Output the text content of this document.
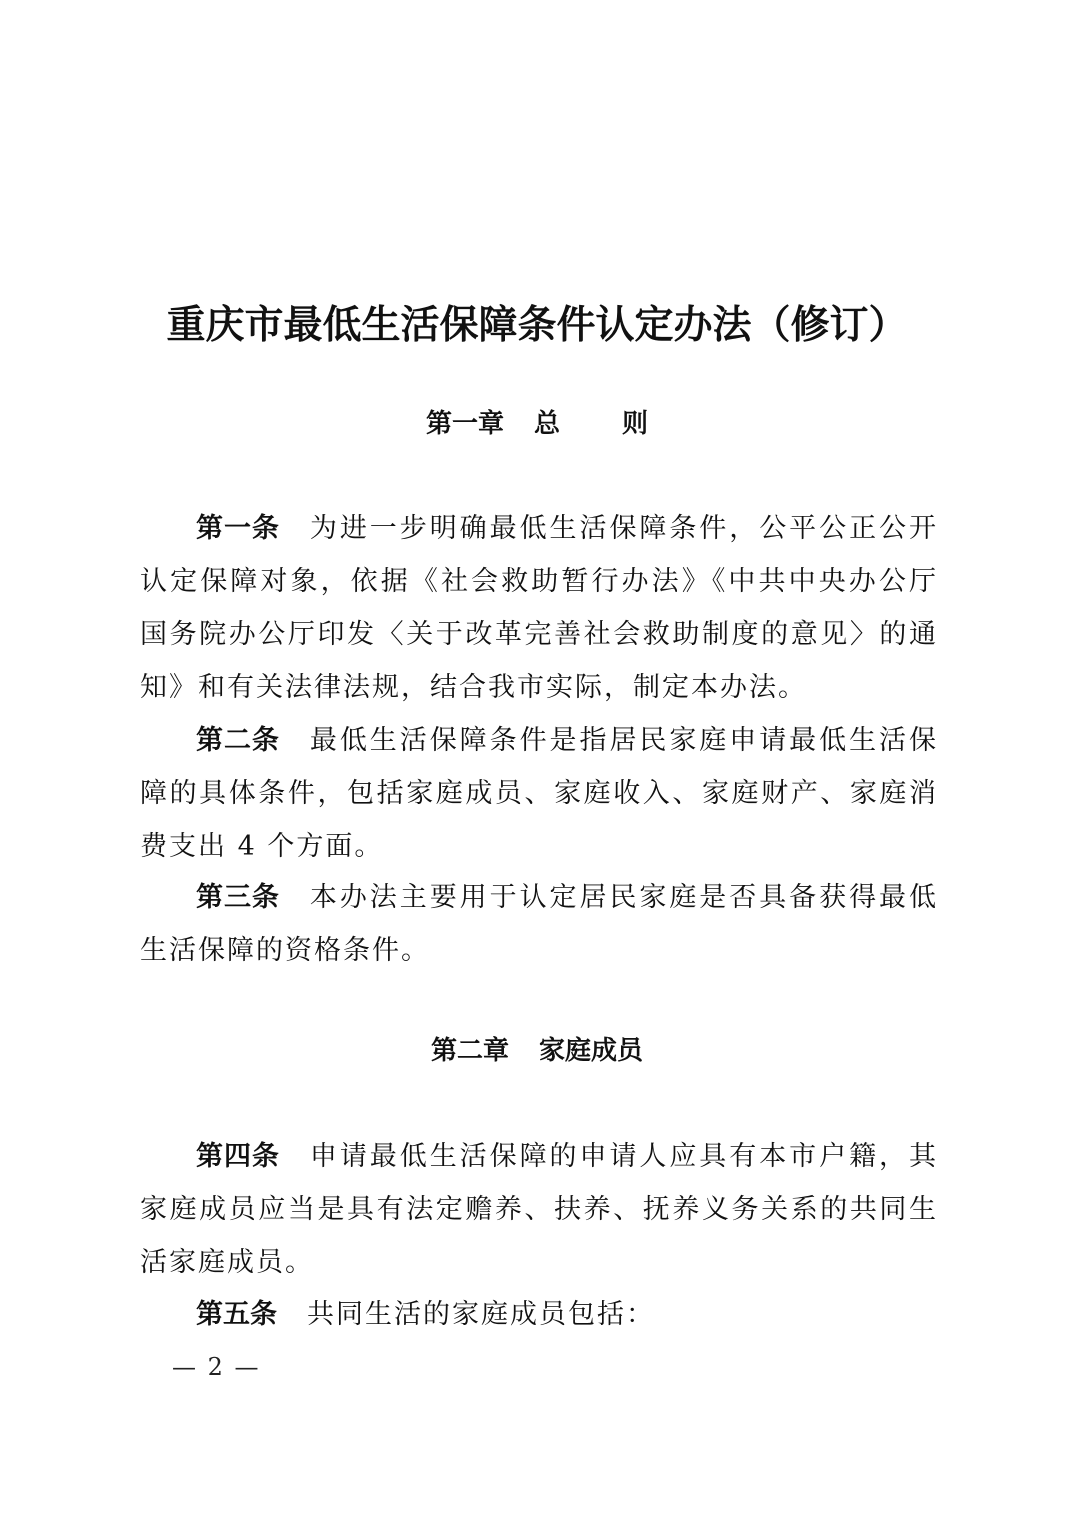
重庆市最低生活保障条件认定办法（修订）
第一章 总 则
第一条 为进一步明确最低生活保障条件，公平公正公开认定保障对象，依据《社会救助暂行办法》《中共中央办公厅国务院办公厅印发〈关于改革完善社会救助制度的意见〉的通知》和有关法律法规，结合我市实际，制定本办法。
第二条 最低生活保障条件是指居民家庭申请最低生活保障的具体条件，包括家庭成员、家庭收入、家庭财产、家庭消费支出 4 个方面。
第三条 本办法主要用于认定居民家庭是否具备获得最低生活保障的资格条件。
第二章 家庭成员
第四条 申请最低生活保障的申请人应具有本市户籍，其家庭成员应当是具有法定赡养、扶养、抚养义务关系的共同生活家庭成员。
第五条 共同生活的家庭成员包括：
— 2 —
